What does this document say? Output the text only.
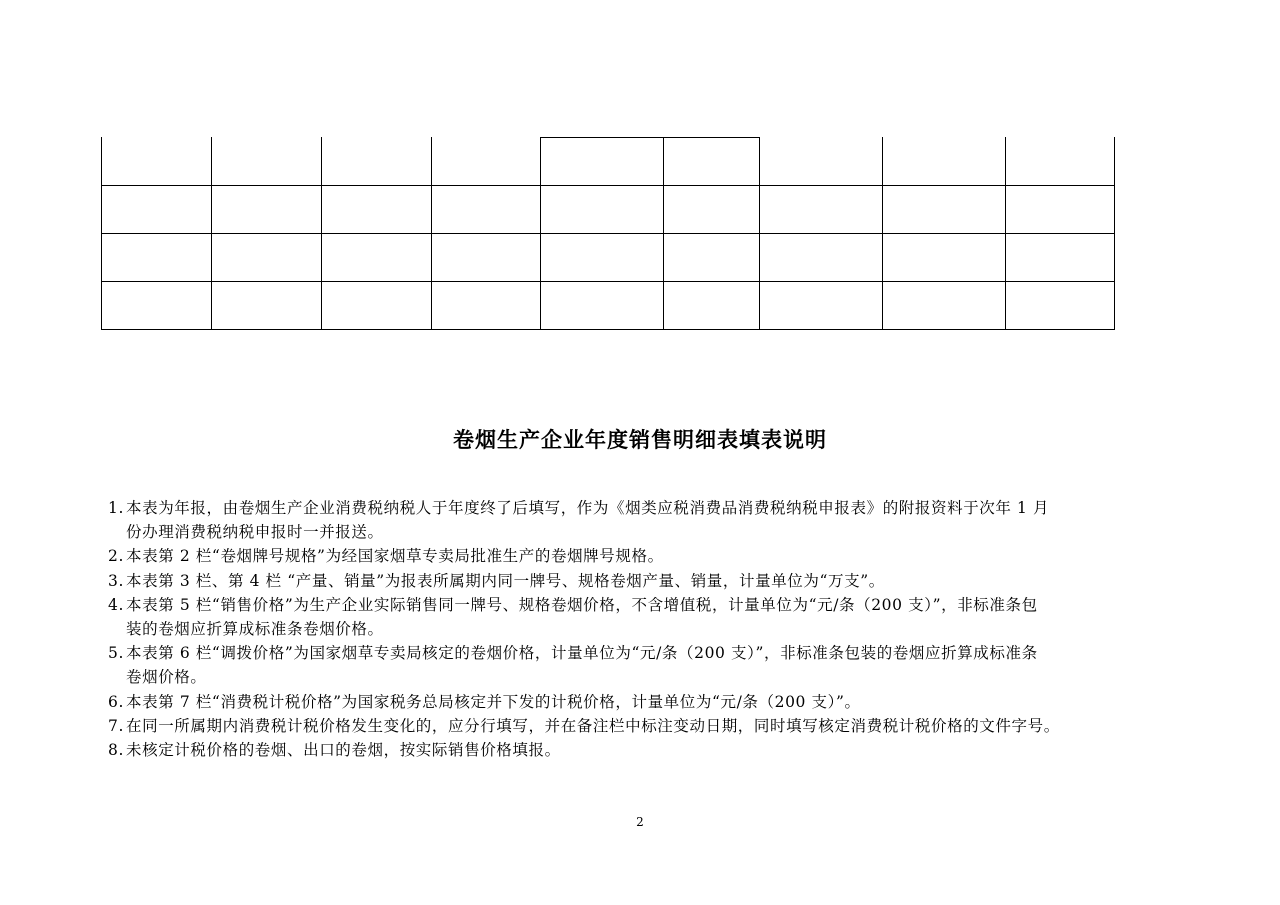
卷烟生产企业年度销售明细表填表说明
1. 本表为年报，由卷烟生产企业消费税纳税人于年度终了后填写，作为《烟类应税消费品消费税纳税申报表》的附报资料于次年 1 月
份办理消费税纳税申报时一并报送。
2. 本表第 2 栏“卷烟牌号规格”为经国家烟草专卖局批准生产的卷烟牌号规格。
3. 本表第 3 栏、第 4 栏 “产量、销量”为报表所属期内同一牌号、规格卷烟产量、销量，计量单位为“万支”。
4. 本表第 5 栏“销售价格”为生产企业实际销售同一牌号、规格卷烟价格，不含增值税，计量单位为“元/条（200 支）”，非标准条包
装的卷烟应折算成标准条卷烟价格。
5. 本表第 6 栏“调拨价格”为国家烟草专卖局核定的卷烟价格，计量单位为“元/条（200 支）”，非标准条包装的卷烟应折算成标准条
卷烟价格。
6. 本表第 7 栏“消费税计税价格”为国家税务总局核定并下发的计税价格，计量单位为“元/条（200 支）”。
7. 在同一所属期内消费税计税价格发生变化的，应分行填写，并在备注栏中标注变动日期，同时填写核定消费税计税价格的文件字号。
8. 未核定计税价格的卷烟、出口的卷烟，按实际销售价格填报。
2
